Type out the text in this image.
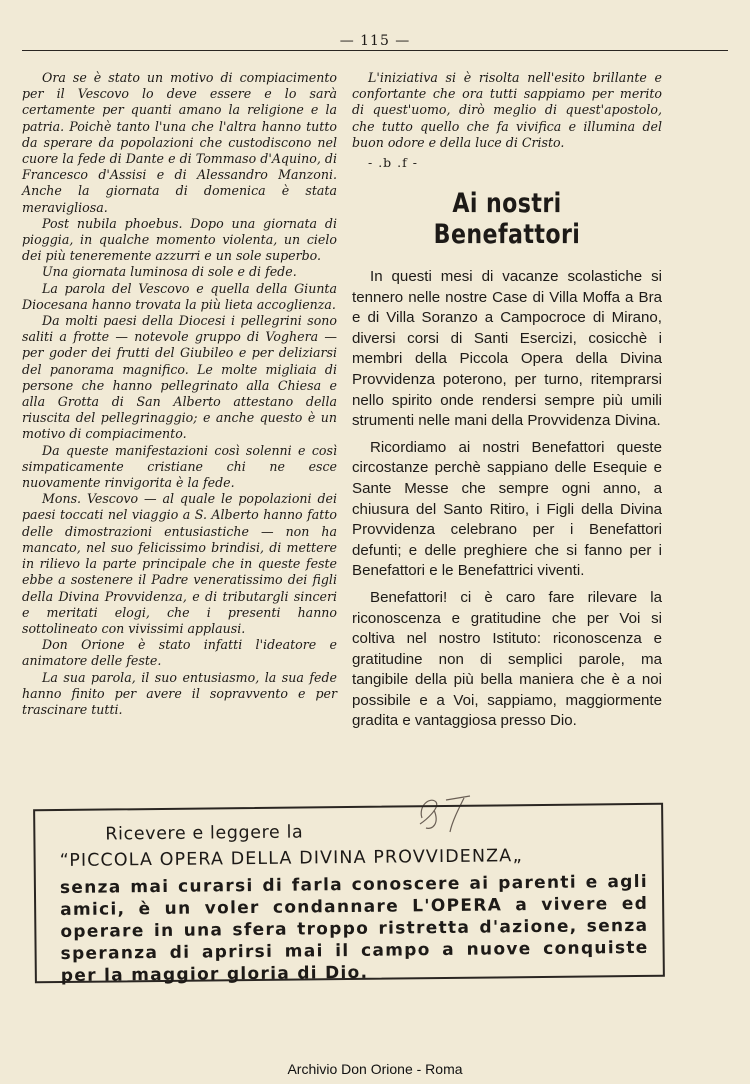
— 115 —

Ora se è stato un motivo di compiacimento per il Vescovo lo deve essere e lo sarà certamente per quanti amano la religione e la patria. Poichè tanto l'una che l'altra hanno tutto da sperare da popolazioni che custodiscono nel cuore la fede di Dante e di Tommaso d'Aquino, di Francesco d'Assisi e di Alessandro Manzoni. Anche la giornata di domenica è stata meravigliosa.

Post nubila phoebus. Dopo una giornata di pioggia, in qualche momento violenta, un cielo dei più teneremente azzurri e un sole superbo.

Una giornata luminosa di sole e di fede.

La parola del Vescovo e quella della Giunta Diocesana hanno trovata la più lieta accoglienza.

Da molti paesi della Diocesi i pellegrini sono saliti a frotte — notevole gruppo di Voghera — per goder dei frutti del Giubileo e per deliziarsi del panorama magnifico. Le molte migliaia di persone che hanno pellegrinato alla Chiesa e alla Grotta di San Alberto attestano della riuscita del pellegrinaggio; e anche questo è un motivo di compiacimento.

Da queste manifestazioni così solenni e così simpaticamente cristiane chi ne esce nuovamente rinvigorita è la fede.

Mons. Vescovo — al quale le popolazioni dei paesi toccati nel viaggio a S. Alberto hanno fatto delle dimostrazioni entusiastiche — non ha mancato, nel suo felicissimo brindisi, di mettere in rilievo la parte principale che in queste feste ebbe a sostenere il Padre veneratissimo dei figli della Divina Provvidenza, e di tributargli sinceri e meritati elogi, che i presenti hanno sottolineato con vivissimi applausi.

Don Orione è stato infatti l'ideatore e animatore delle feste.

La sua parola, il suo entusiasmo, la sua fede hanno finito per avere il sopravvento e per trascinare tutti.

L'iniziativa si è risolta nell'esito brillante e confortante che ora tutti sappiamo per merito di quest'uomo, dirò meglio di quest'apostolo, che tutto quello che fa vivifica e illumina del buon odore e della luce di Cristo.

- .b .f -
Ai nostri Benefattori

In questi mesi di vacanze scolastiche si tennero nelle nostre Case di Villa Moffa a Bra e di Villa Soranzo a Campocroce di Mirano, diversi corsi di Santi Esercizi, cosicchè i membri della Piccola Opera della Divina Provvidenza poterono, per turno, ritemprarsi nello spirito onde rendersi sempre più umili strumenti nelle mani della Provvidenza Divina.

Ricordiamo ai nostri Benefattori queste circostanze perchè sappiano delle Esequie e Sante Messe che sempre ogni anno, a chiusura del Santo Ritiro, i Figli della Divina Provvidenza celebrano per i Benefattori defunti; e delle preghiere che si fanno per i Benefattori e le Benefattrici viventi.

Benefattori! ci è caro fare rilevare la riconoscenza e gratitudine che per Voi si coltiva nel nostro Istituto: riconoscenza e gratitudine non di semplici parole, ma tangibile della più bella maniera che è a noi possibile e a Voi, sappiamo, maggiormente gradita e vantaggiosa presso Dio.

Ricevere e leggere la
“PICCOLA OPERA DELLA DIVINA PROVVIDENZA„
senza mai curarsi di farla conoscere ai parenti e agli amici, è un voler condannare L'OPERA a vivere ed operare in una sfera troppo ristretta d'azione, senza speranza di aprirsi mai il campo a nuove conquiste per la maggior gloria di Dio.
Archivio Don Orione - Roma
